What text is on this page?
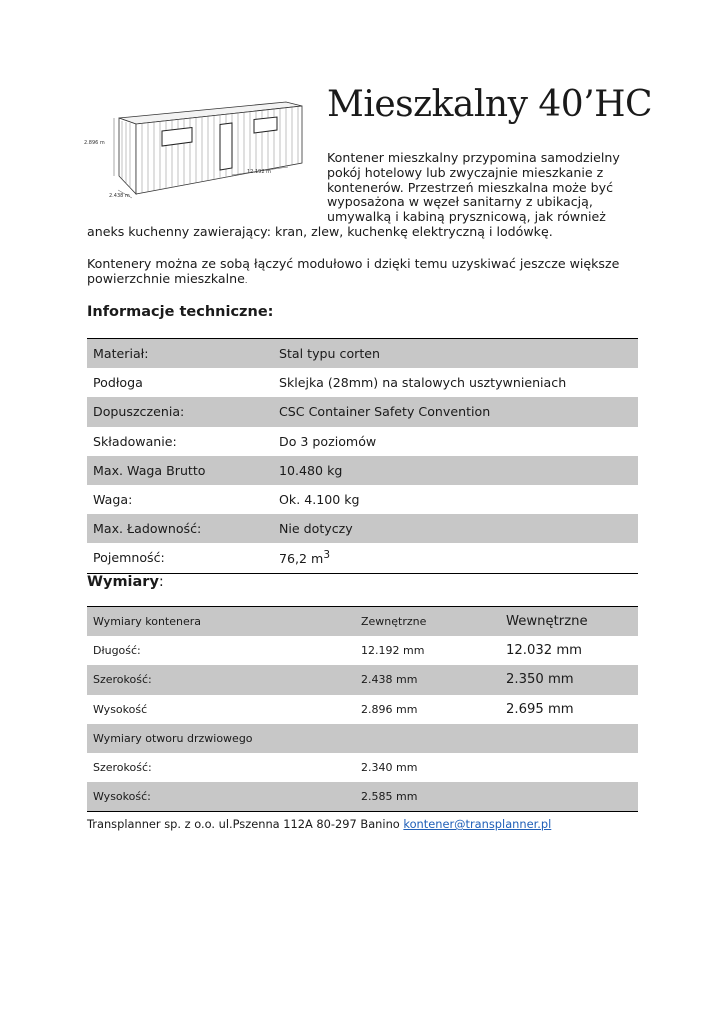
2.896 m
12.192 m
2.438 m
Mieszkalny 40’HC
Kontener mieszkalny przypomina samodzielny
pokój hotelowy lub zwyczajnie mieszkanie z
kontenerów. Przestrzeń mieszkalna może być
wyposażona w węzeł sanitarny z ubikacją,
umywalką i kabiną prysznicową, jak również
aneks kuchenny zawierający: kran, zlew, kuchenkę elektryczną i lodówkę.
Kontenery można ze sobą łączyć modułowo i dzięki temu uzyskiwać jeszcze większe
powierzchnie mieszkalne.
Informacje techniczne:
Materiał:	Stal typu corten
Podłoga	Sklejka (28mm) na stalowych usztywnieniach
Dopuszczenia:	CSC Container Safety Convention
Składowanie:	Do 3 poziomów
Max. Waga Brutto	10.480 kg
Waga:	Ok. 4.100 kg
Max. Ładowność:	Nie dotyczy
Pojemność:	76,2 $m^3$
Wymiary:
Wymiary kontenera	Zewnętrzne	Wewnętrzne
Długość:	12.192 mm	12.032 mm
Szerokość:	2.438 mm	2.350 mm
Wysokość	2.896 mm	2.695 mm
Wymiary otworu drzwiowego		
Szerokość:	2.340 mm	
Wysokość:	2.585 mm	
Transplanner sp. z o.o. ul.Pszenna 112A 80-297 Banino kontener@transplanner.pl
